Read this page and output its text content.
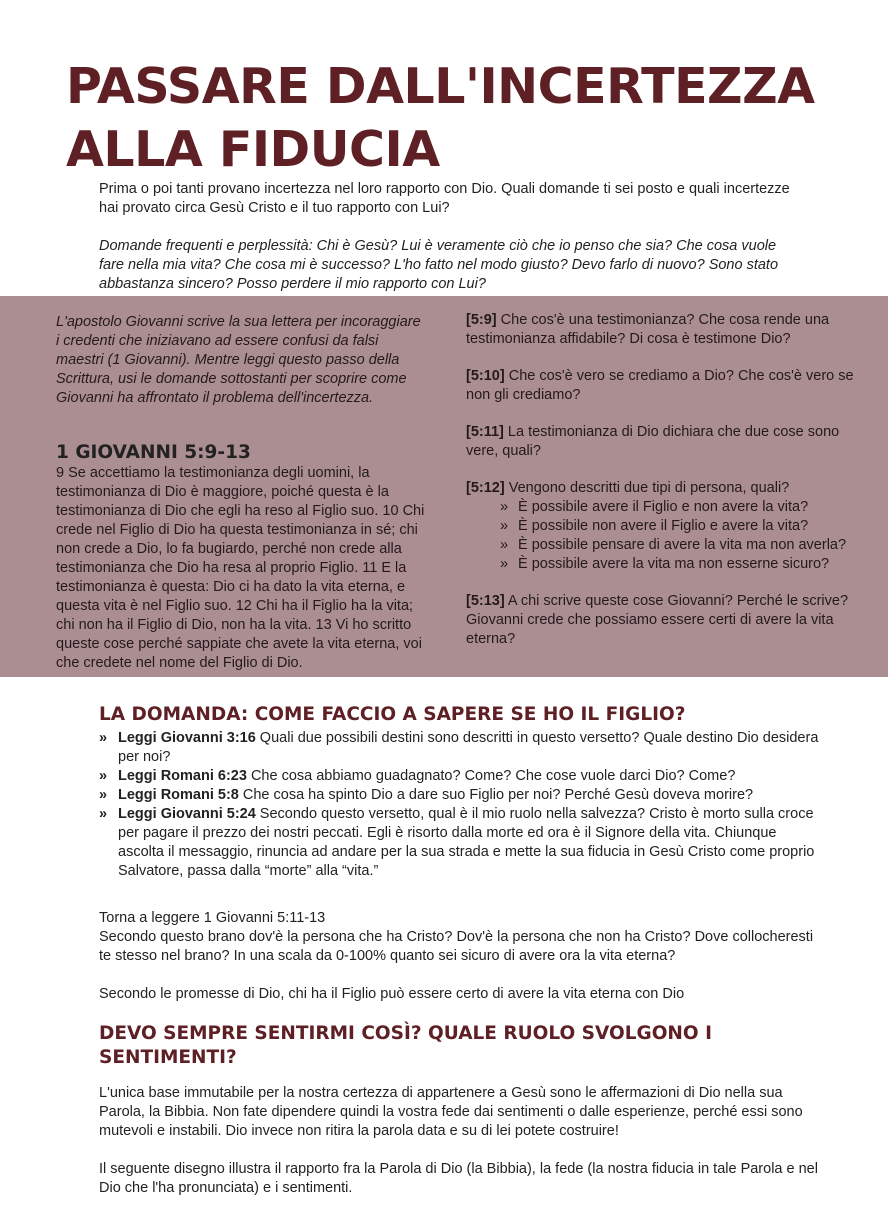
PASSARE DALL'INCERTEZZA
ALLA FIDUCIA

Prima o poi tanti provano incertezza nel loro rapporto con Dio. Quali domande ti sei posto e quali incertezze hai provato circa Gesù Cristo e il tuo rapporto con Lui?

Domande frequenti e perplessità: Chi è Gesù? Lui è veramente ciò che io penso che sia? Che cosa vuole fare nella mia vita? Che cosa mi è successo? L'ho fatto nel modo giusto? Devo farlo di nuovo? Sono stato abbastanza sincero? Posso perdere il mio rapporto con Lui?

L'apostolo Giovanni scrive la sua lettera per incoraggiare i credenti che iniziavano ad essere confusi da falsi maestri (1 Giovanni). Mentre leggi questo passo della Scrittura, usi le domande sottostanti per scoprire come Giovanni ha affrontato il problema dell'incertezza.

1 GIOVANNI 5:9-13

9 Se accettiamo la testimonianza degli uomini, la testimonianza di Dio è maggiore, poiché questa è la testimonianza di Dio che egli ha reso al Figlio suo. 10 Chi crede nel Figlio di Dio ha questa testimonianza in sé; chi non crede a Dio, lo fa bugiardo, perché non crede alla testimonianza che Dio ha resa al proprio Figlio. 11 E la testimonianza è questa: Dio ci ha dato la vita eterna, e questa vita è nel Figlio suo. 12 Chi ha il Figlio ha la vita; chi non ha il Figlio di Dio, non ha la vita. 13 Vi ho scritto queste cose perché sappiate che avete la vita eterna, voi che credete nel nome del Figlio di Dio.

[5:9] Che cos'è una testimonianza? Che cosa rende una testimonianza affidabile? Di cosa è testimone Dio?

[5:10] Che cos'è vero se crediamo a Dio? Che cos'è vero se non gli crediamo?

[5:11] La testimonianza di Dio dichiara che due cose sono vere, quali?

[5:12] Vengono descritti due tipi di persona, quali?
» È possibile avere il Figlio e non avere la vita?
» È possibile non avere il Figlio e avere la vita?
» È possibile pensare di avere la vita ma non averla?
» È possibile avere la vita ma non esserne sicuro?

[5:13] A chi scrive queste cose Giovanni? Perché le scrive? Giovanni crede che possiamo essere certi di avere la vita eterna?

LA DOMANDA: COME FACCIO A SAPERE SE HO IL FIGLIO?
» Leggi Giovanni 3:16 Quali due possibili destini sono descritti in questo versetto? Quale destino Dio desidera per noi?
» Leggi Romani 6:23 Che cosa abbiamo guadagnato? Come? Che cose vuole darci Dio? Come?
» Leggi Romani 5:8 Che cosa ha spinto Dio a dare suo Figlio per noi? Perché Gesù doveva morire?
» Leggi Giovanni 5:24 Secondo questo versetto, qual è il mio ruolo nella salvezza? Cristo è morto sulla croce per pagare il prezzo dei nostri peccati. Egli è risorto dalla morte ed ora è il Signore della vita. Chiunque ascolta il messaggio, rinuncia ad andare per la sua strada e mette la sua fiducia in Gesù Cristo come proprio Salvatore, passa dalla “morte” alla “vita.”

Torna a leggere 1 Giovanni 5:11-13

Secondo questo brano dov'è la persona che ha Cristo? Dov'è la persona che non ha Cristo? Dove collocheresti te stesso nel brano? In una scala da 0-100% quanto sei sicuro di avere ora la vita eterna?

Secondo le promesse di Dio, chi ha il Figlio può essere certo di avere la vita eterna con Dio

DEVO SEMPRE SENTIRMI COSÌ? QUALE RUOLO SVOLGONO I SENTIMENTI?

L'unica base immutabile per la nostra certezza di appartenere a Gesù sono le affermazioni di Dio nella sua Parola, la Bibbia. Non fate dipendere quindi la vostra fede dai sentimenti o dalle esperienze, perché essi sono mutevoli e instabili. Dio invece non ritira la parola data e su di lei potete costruire!

Il seguente disegno illustra il rapporto fra la Parola di Dio (la Bibbia), la fede (la nostra fiducia in tale Parola e nel Dio che l'ha pronunciata) e i sentimenti.
